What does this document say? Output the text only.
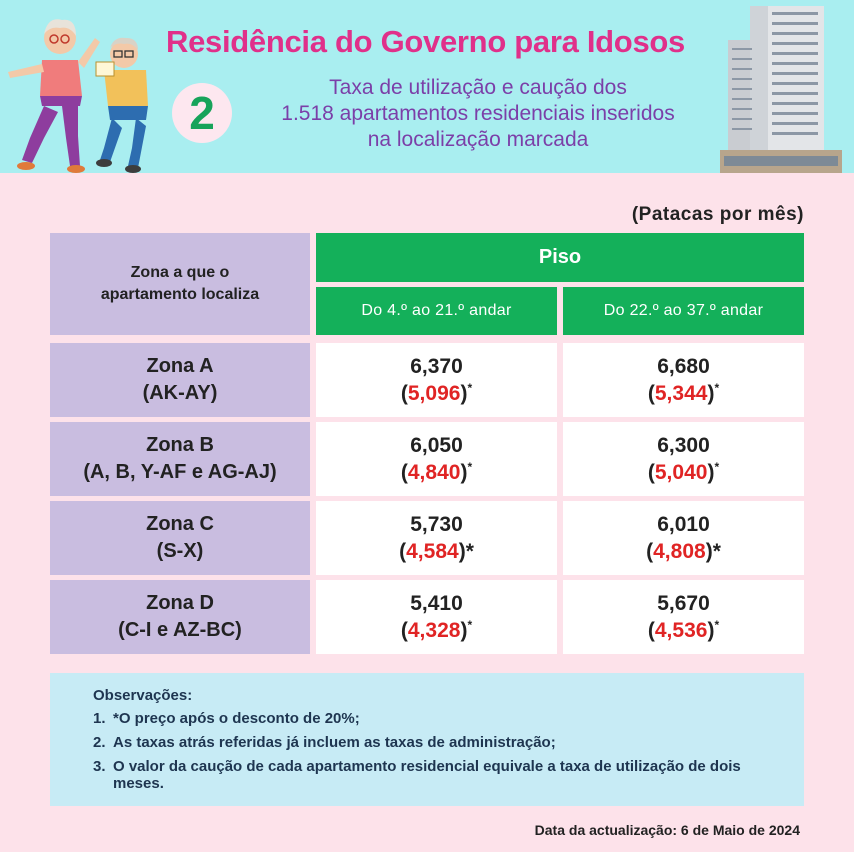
Residência do Governo para Idosos
2	Taxa de utilização e caução dos
1.518 apartamentos residenciais inseridos
na localização marcada
(Patacas por mês)
Zona a que o
apartamento localiza
Piso
Do 4.º ao 21.º andar	Do 22.º ao 37.º andar
Zona A
(AK-AY)
6,370
(5,096)*
6,680
(5,344)*
Zona B
(A, B, Y-AF e AG-AJ)
6,050
(4,840)*
6,300
(5,040)*
Zona C
(S-X)
5,730
(4,584)*
6,010
(4,808)*
Zona D
(C-I e AZ-BC)
5,410
(4,328)*
5,670
(4,536)*
Observações:
1. *O preço após o desconto de 20%;
2. As taxas atrás referidas já incluem as taxas de administração;
3. O valor da caução de cada apartamento residencial equivale a taxa de utilização de dois meses.
Data da actualização: 6 de Maio de 2024
